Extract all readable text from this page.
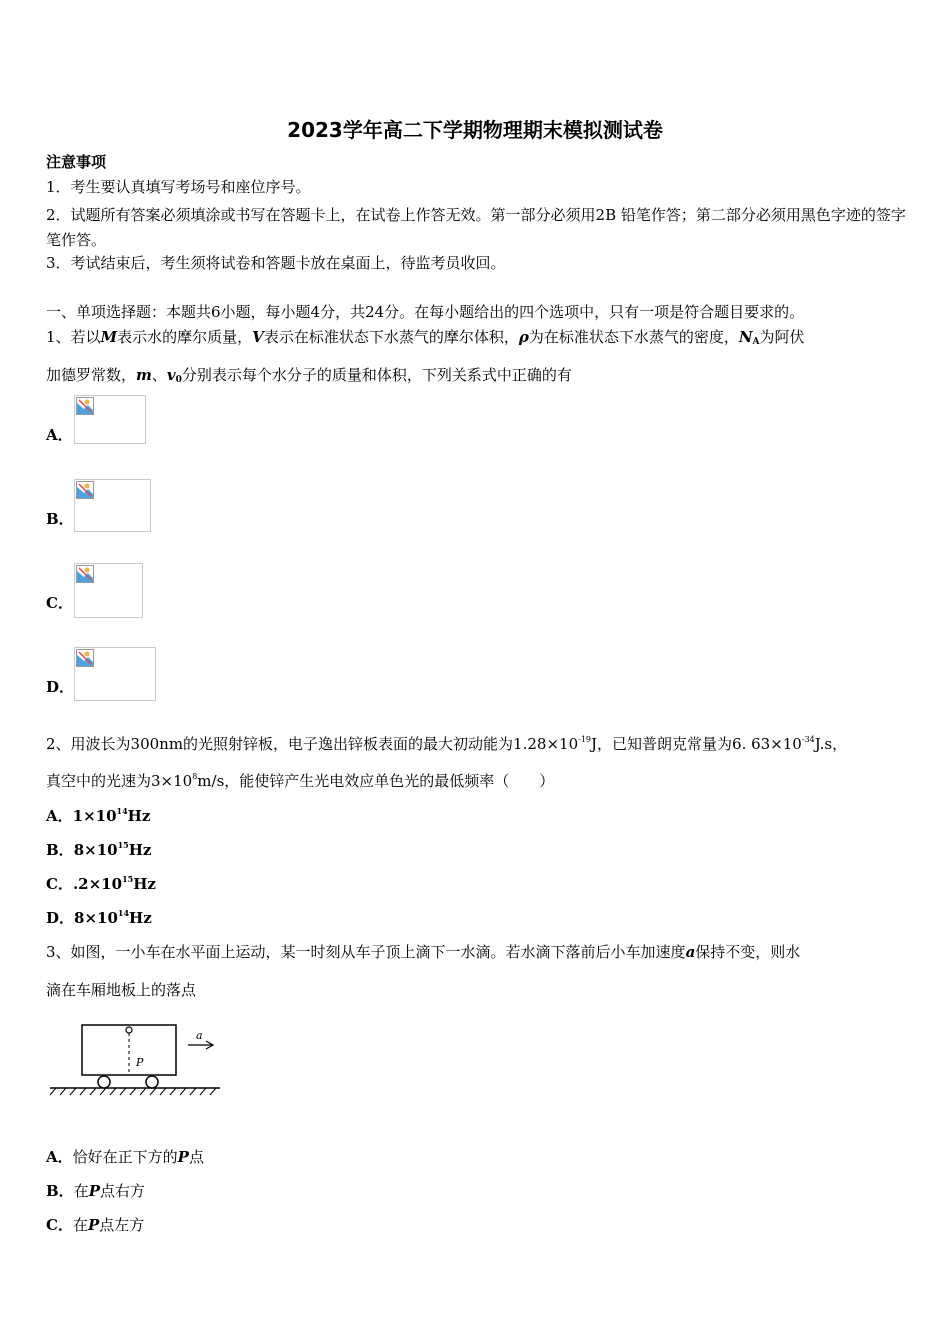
2023学年高二下学期物理期末模拟测试卷
注意事项
1．考生要认真填写考场号和座位序号。
2．试题所有答案必须填涂或书写在答题卡上，在试卷上作答无效。第一部分必须用2B 铅笔作答；第二部分必须用黑色字迹的签字笔作答。
3．考试结束后，考生须将试卷和答题卡放在桌面上，待监考员收回。
一、单项选择题：本题共6小题，每小题4分，共24分。在每小题给出的四个选项中，只有一项是符合题目要求的。
1、若以M表示水的摩尔质量，V表示在标准状态下水蒸气的摩尔体积，ρ为在标准状态下水蒸气的密度，$N_A$为阿伏
加德罗常数，m、$v_0$分别表示每个水分子的质量和体积，下列关系式中正确的有
A．
B．
C．
D．
2、用波长为300nm的光照射锌板，电子逸出锌板表面的最大初动能为$1.28\times 10^{-19}J$，已知普朗克常量为6. $63\times 10^{-34}J.s$，
真空中的光速为$3\times 10^8m/s$，能使锌产生光电效应单色光的最低频率（　　）
A．$1\times 10^{14}Hz$
B．$8\times 10^{15}Hz$
C．$.2\times 10^{15}Hz$
D．$8\times 10^{14}Hz$
3、如图，一小车在水平面上运动，某一时刻从车子顶上滴下一水滴。若水滴下落前后小车加速度a保持不变，则水
滴在车厢地板上的落点
P
a
A．恰好在正下方的P点
B．在P点右方
C．在P点左方
